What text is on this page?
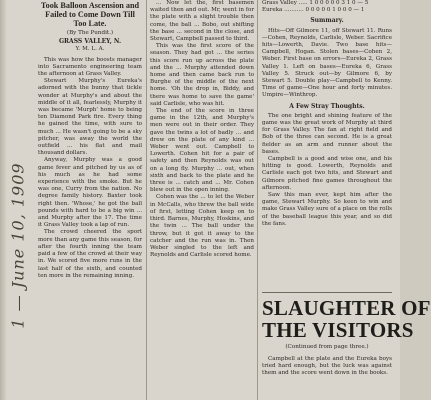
1 — June 10, 1909
Took Balloon Ascension and Failed to Come Down Till Too Late.
(By The Pundit.)
GRASS VALLEY, N.
Y. M. L. A.

This was how the boosts manager into Sacramento engineering team the afternoon at Grass Valley.

Stewart Murphy's Eureka's adorned with the bunny that tickle wonder at Murphy's and about the middle of it all, fearlessly, Murphy it was became 'Murph' home to being ten Diamond Park fire. Every thing he gained the time, with sure to much ... He wasn't going to be a sky pitcher, was away the world the outfield ... his flat and mail thousand dollars.

Anyway, Murphy was a good game fever and pitched by us as of his much as he had some experience with the smoke. But he was one, Curry from the nation. No degree family history. Baxter took right then. 'Whose,' he got the ball pounds with hard to be a big win ... and Murphy after the 17. The time it Grass Valley took a lap of run.

The crowd cheered the sport more than any game this season, for after the fourth inning the team paid a few of the crowd at their way in. We scored five more runs in the last half of the sixth, and counted ten more in the remaining inning.

... Now let the, first basemen waited then and out. Mr, went in for the plate with a slight trouble then come, the ball ... Bobo, out shifting the base ... second in the close, and Stewart, Campbell passed to third.

This was the first score of the season. They had got ... the series this score run up across the plate and the ... Murphy attended down home and then came back run to Burghe of the middle of the next home. 'Oh the drop in, Biddy, and there was home to save the game' said Carlisle, who was hit.

The end of the score in three game in the 12th, and Murphy's men were out in their order. They gave the twins a lot of badly ... and drew on the plate of any kind ... Weber went out. Campbell to Lowerth. Cohen hit for a pair of safety and then Reynolds was out on a long fly. Murphy ... out, when sixth and back to the plate and he three is ... catch and ... Mr. Cohen blew out in the open inning.

Cohen was the ... to let the Weber in McCalls, who threw the ball wide of first, letting Cohen keep on to third. Barnes, Murphy, Hoskins, and the twin ... The ball under the throw, but it got it away to the catcher and the run was in. Then Weber singled to the left and Reynolds and Carlisle scored home.

Grass Valley ..... 1 0 0 0 0 0 3 1 0 — 5
Eureka ........... 0 0 0 0 0 1 0 0 0 — 1
Summary.

Hits—Off Gilmore 11, off Stewart 11. Runs—Cohen, Reynolds, Carlisle, Weber. Sacrifice hits—Lowerth, Davie. Two base hits—Campbell, Hogan. Stolen bases—Cohen 2, Weber. First base on errors—Eureka 2, Grass Valley 1. Left on bases—Eureka 6, Grass Valley 5. Struck out—by Gilmore 6, by Stewart 5. Double play—Campbell to Kenny. Time of game—One hour and forty minutes. Umpire—Winthrop.

A Few Stray Thoughts.

The one bright and shining feature of the game was the great work of Murphy at third for Grass Valley. The fan at right field and Bob of the three can second. He is a great fielder as an arm and runner about the bases.

Campbell is a good and wise one, and his hitting is good. Lowerth, Reynolds and Carlisle each got two hits, and Stewart and Gilmore pitched fine games throughout the afternoon.

Saw this man ever, kept him after the game, Stewart Murphy. So keen to win and make Grass Valley sure of a place on the rolls of the baseball league this year, and so did the fans.

SLAUGHTER OF
THE VISITORS
(Continued from page three.)

Campbell at the plate and the Eureka boys tried hard enough, but the luck was against them and the score went down in the books.
